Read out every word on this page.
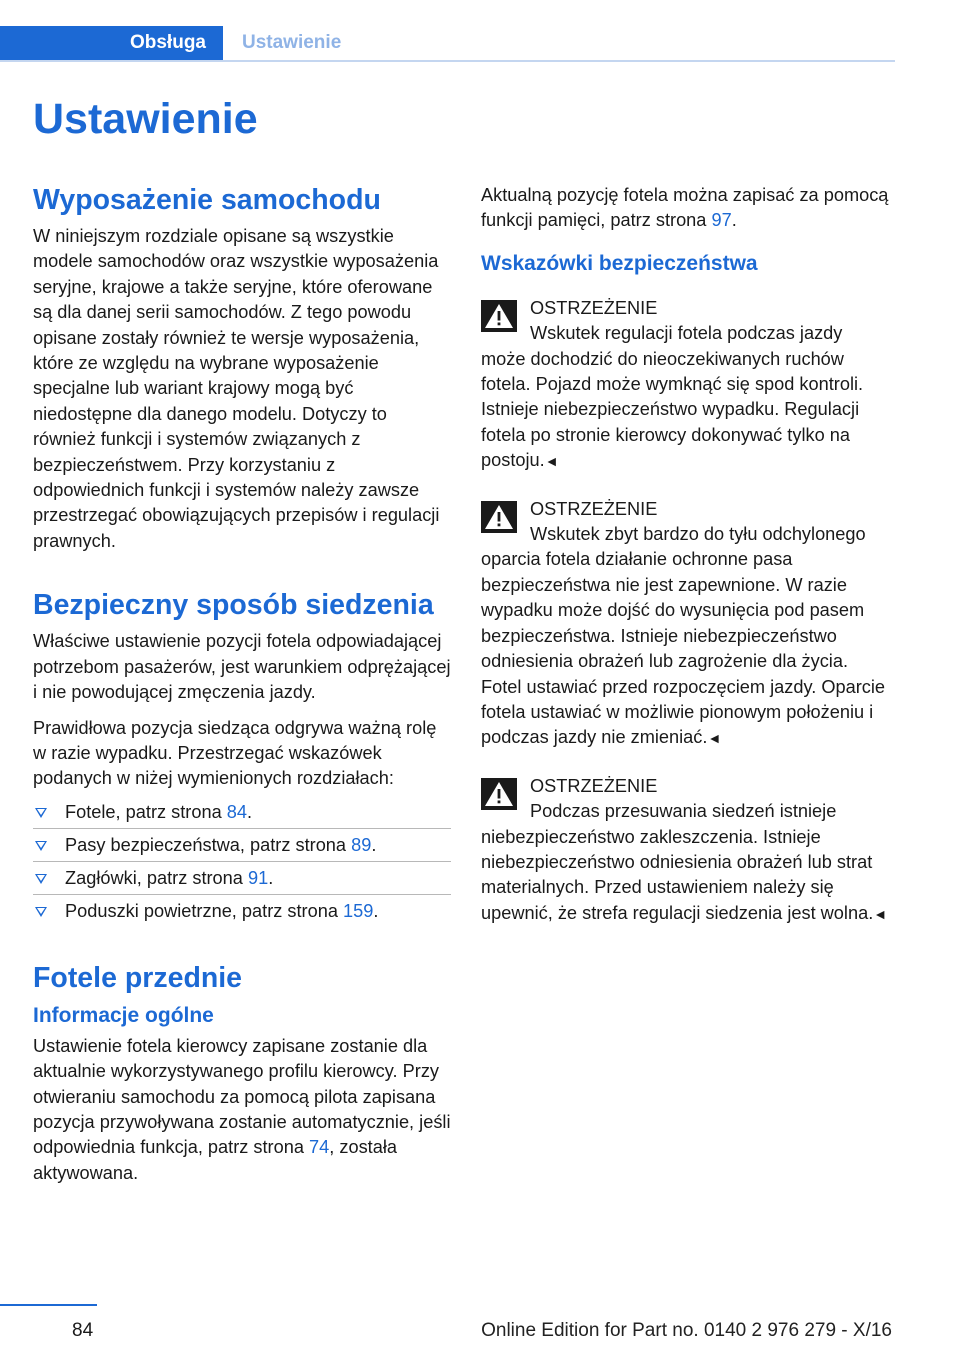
Obsługa	Ustawienie
Ustawienie
Wyposażenie samochodu

W niniejszym rozdziale opisane są wszystkie modele samochodów oraz wszystkie wyposażenia seryjne, krajowe a także seryjne, które oferowane są dla danej serii samochodów. Z tego powodu opisane zostały również te wersje wyposażenia, które ze względu na wybrane wyposażenie specjalne lub wariant krajowy mogą być niedostępne dla danego modelu. Dotyczy to również funkcji i systemów związanych z bezpieczeństwem. Przy korzystaniu z odpowiednich funkcji i systemów należy zawsze przestrzegać obowiązujących przepisów i regulacji prawnych.

Bezpieczny sposób siedzenia

Właściwe ustawienie pozycji fotela odpowiadającej potrzebom pasażerów, jest warunkiem odprężającej i nie powodującej zmęczenia jazdy.

Prawidłowa pozycja siedząca odgrywa ważną rolę w razie wypadku. Przestrzegać wskazówek podanych w niżej wymienionych rozdziałach:

Fotele, patrz strona 84.
Pasy bezpieczeństwa, patrz strona 89.
Zagłówki, patrz strona 91.
Poduszki powietrzne, patrz strona 159.
Fotele przednie
Informacje ogólne

Ustawienie fotela kierowcy zapisane zostanie dla aktualnie wykorzystywanego profilu kierowcy. Przy otwieraniu samochodu za pomocą pilota zapisana pozycja przywoływana zostanie automatycznie, jeśli odpowiednia funkcja, patrz strona 74, została aktywowana.

Aktualną pozycję fotela można zapisać za pomocą funkcji pamięci, patrz strona 97.

Wskazówki bezpieczeństwa
OSTRZEŻENIE
Wskutek regulacji fotela podczas jazdy może dochodzić do nieoczekiwanych ruchów fotela. Pojazd może wymknąć się spod kontroli. Istnieje niebezpieczeństwo wypadku. Regulacji fotela po stronie kierowcy dokonywać tylko na postoju.◄
OSTRZEŻENIE
Wskutek zbyt bardzo do tyłu odchylonego oparcia fotela działanie ochronne pasa bezpieczeństwa nie jest zapewnione. W razie wypadku może dojść do wysunięcia pod pasem bezpieczeństwa. Istnieje niebezpieczeństwo odniesienia obrażeń lub zagrożenie dla życia. Fotel ustawiać przed rozpoczęciem jazdy. Oparcie fotela ustawiać w możliwie pionowym położeniu i podczas jazdy nie zmieniać.◄
OSTRZEŻENIE
Podczas przesuwania siedzeń istnieje niebezpieczeństwo zakleszczenia. Istnieje niebezpieczeństwo odniesienia obrażeń lub strat materialnych. Przed ustawieniem należy się upewnić, że strefa regulacji siedzenia jest wolna.◄
84	Online Edition for Part no. 0140 2 976 279 - X/16
